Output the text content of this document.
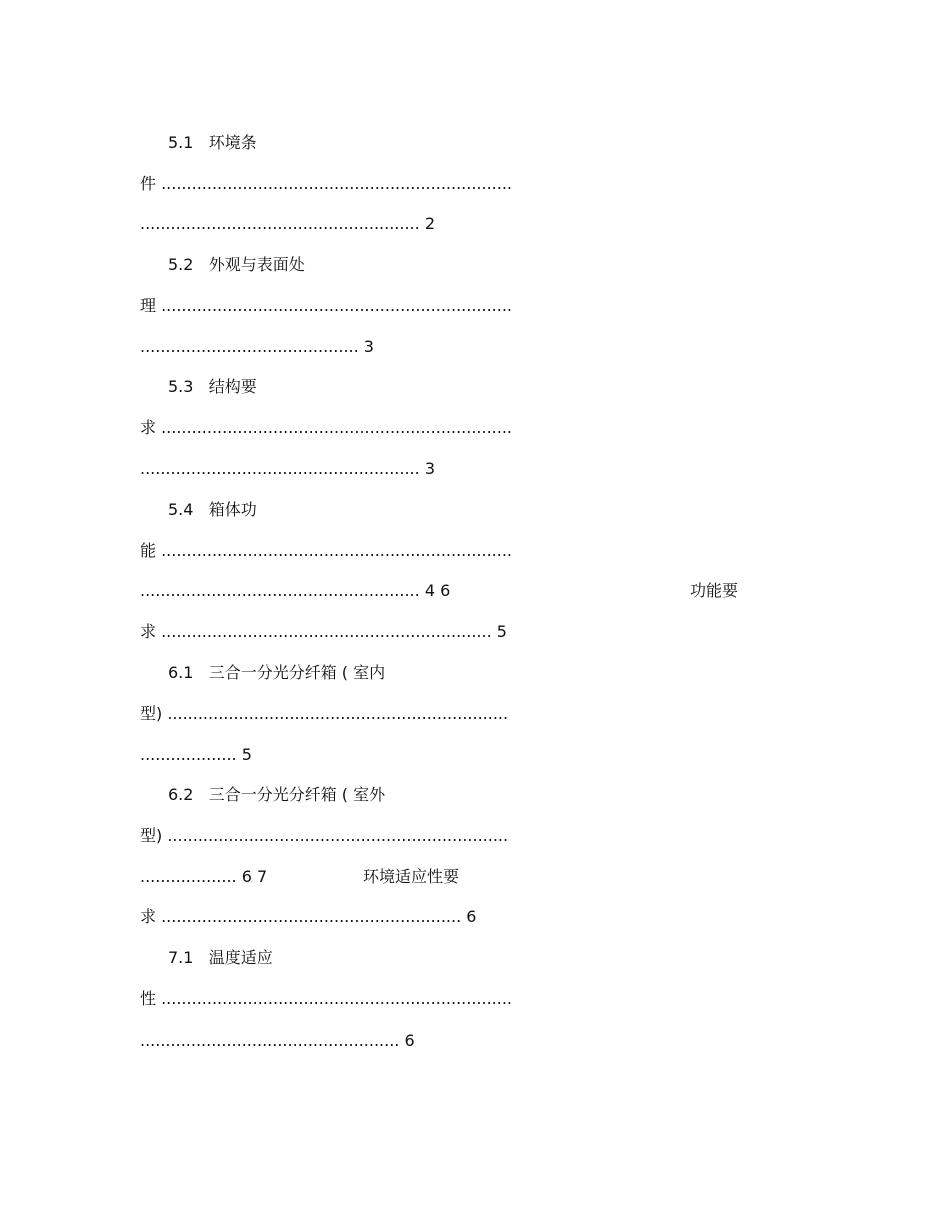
5.1   环境条
件 .....................................................................
....................................................... 2
5.2   外观与表面处
理 .....................................................................
........................................... 3
5.3   结构要
求 .....................................................................
....................................................... 3
5.4   箱体功
能 .....................................................................
....................................................... 4 6	功能要
求 ................................................................. 5
6.1   三合一分光分纤箱 ( 室内
型) ...................................................................
................... 5
6.2   三合一分光分纤箱 ( 室外
型) ...................................................................
................... 6 7	环境适应性要
求 ........................................................... 6
7.1   温度适应
性 .....................................................................
................................................... 6
